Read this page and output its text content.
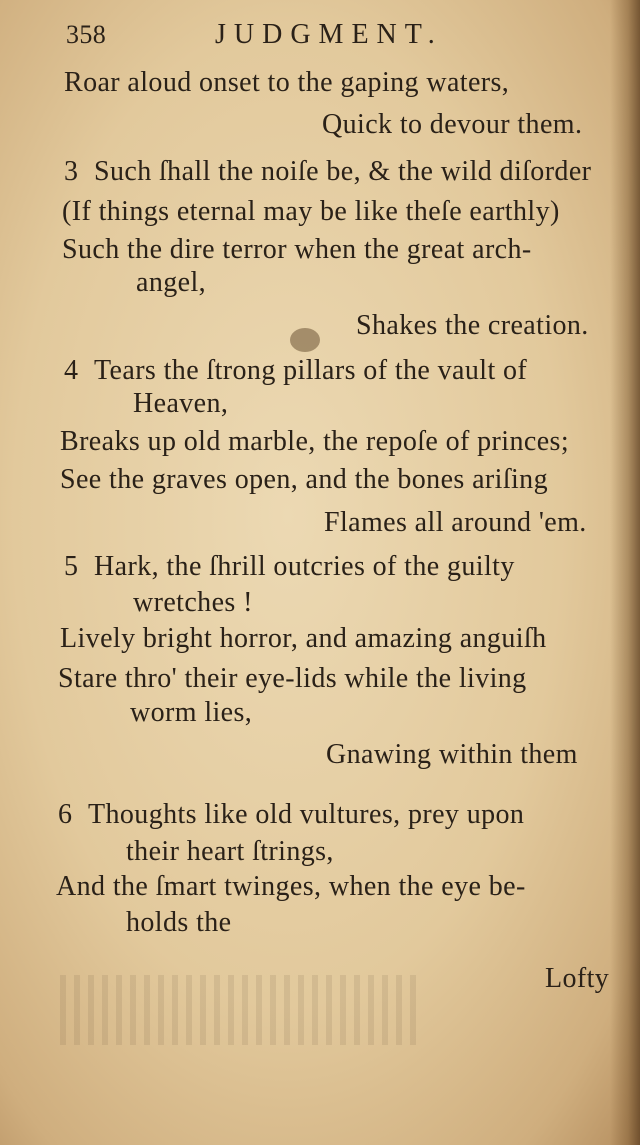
358	JUDGMENT.
Roar aloud onset to the gaping waters,
Quick to devour them.
3 Such ſhall the noiſe be, & the wild diſorder
(If things eternal may be like theſe earthly)
Such the dire terror when the great arch-
angel,
Shakes the creation.
4 Tears the ſtrong pillars of the vault of
Heaven,
Breaks up old marble, the repoſe of princes;
See the graves open, and the bones ariſing
Flames all around 'em.
5 Hark, the ſhrill outcries of the guilty
wretches !
Lively bright horror, and amazing anguiſh
Stare thro' their eye-lids while the living
worm lies,
Gnawing within them
6 Thoughts like old vultures, prey upon
their heart ſtrings,
And the ſmart twinges, when the eye be-
holds the
Lofty
